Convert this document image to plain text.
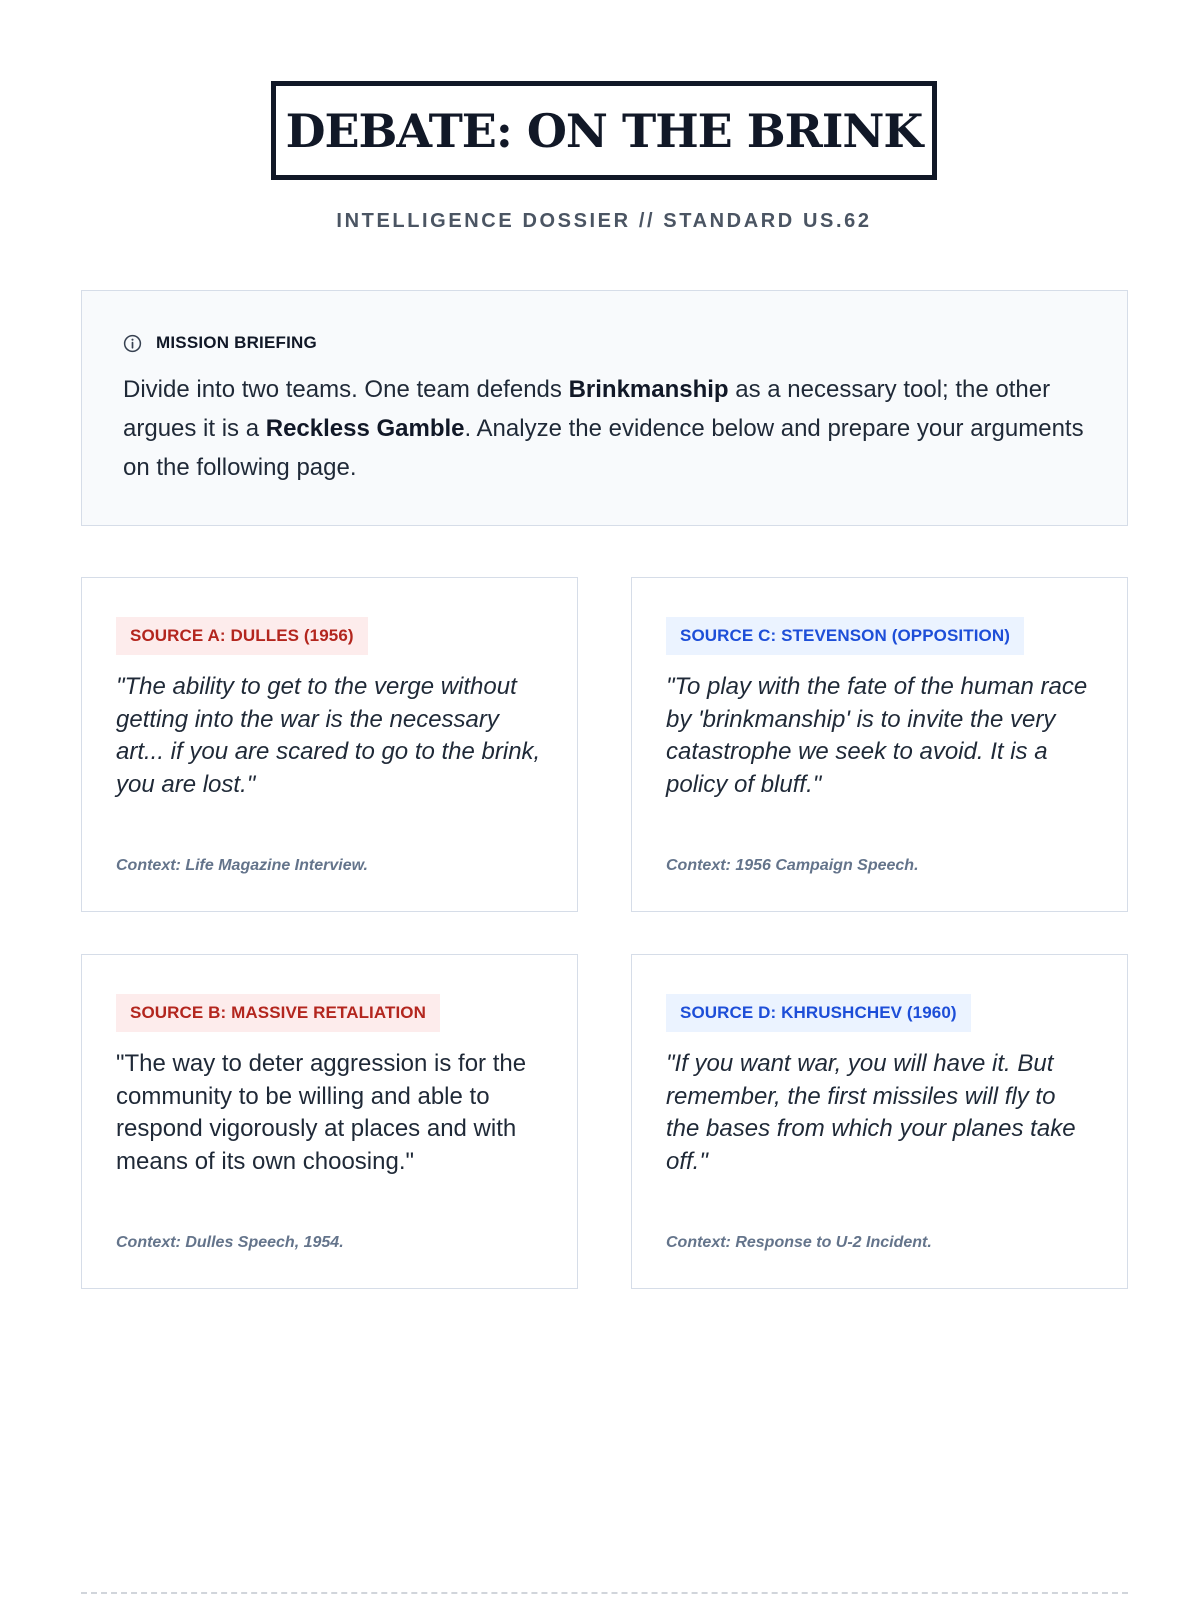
DEBATE: ON THE BRINK
INTELLIGENCE DOSSIER // STANDARD US.62
MISSION BRIEFING
Divide into two teams. One team defends Brinkmanship as a necessary tool; the other argues it is a Reckless Gamble. Analyze the evidence below and prepare your arguments on the following page.
SOURCE A: DULLES (1956)
"The ability to get to the verge without getting into the war is the necessary art... if you are scared to go to the brink, you are lost."
Context: Life Magazine Interview.
SOURCE C: STEVENSON (OPPOSITION)
"To play with the fate of the human race by 'brinkmanship' is to invite the very catastrophe we seek to avoid. It is a policy of bluff."
Context: 1956 Campaign Speech.
SOURCE B: MASSIVE RETALIATION
"The way to deter aggression is for the community to be willing and able to respond vigorously at places and with means of its own choosing."
Context: Dulles Speech, 1954.
SOURCE D: KHRUSHCHEV (1960)
"If you want war, you will have it. But remember, the first missiles will fly to the bases from which your planes take off."
Context: Response to U-2 Incident.
